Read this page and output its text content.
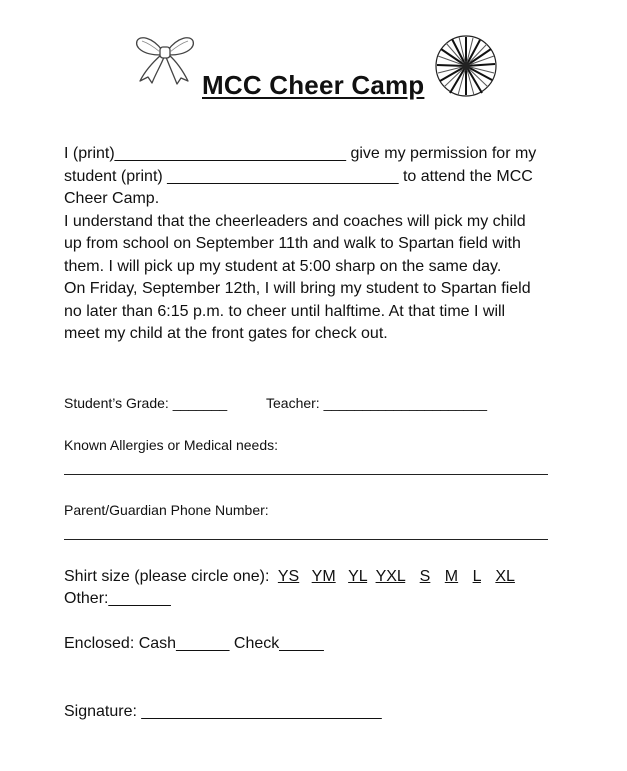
MCC Cheer Camp
I (print)__________________________ give my permission for my
student (print) __________________________ to attend the MCC
Cheer Camp.
I understand that the cheerleaders and coaches will pick my child
up from school on September 11th and walk to Spartan field with
them. I will pick up my student at 5:00 sharp on the same day.
On Friday, September 12th, I will bring my student to Spartan field
no later than 6:15 p.m. to cheer until halftime. At that time I will
meet my child at the front gates for check out.
Student’s Grade: _______	Teacher: _____________________
Known Allergies or Medical needs:
Parent/Guardian Phone Number:
Shirt size (please circle one): YS YM YL YXL S M L XL
Other:_______
Enclosed: Cash______ Check_____
Signature: ___________________________
